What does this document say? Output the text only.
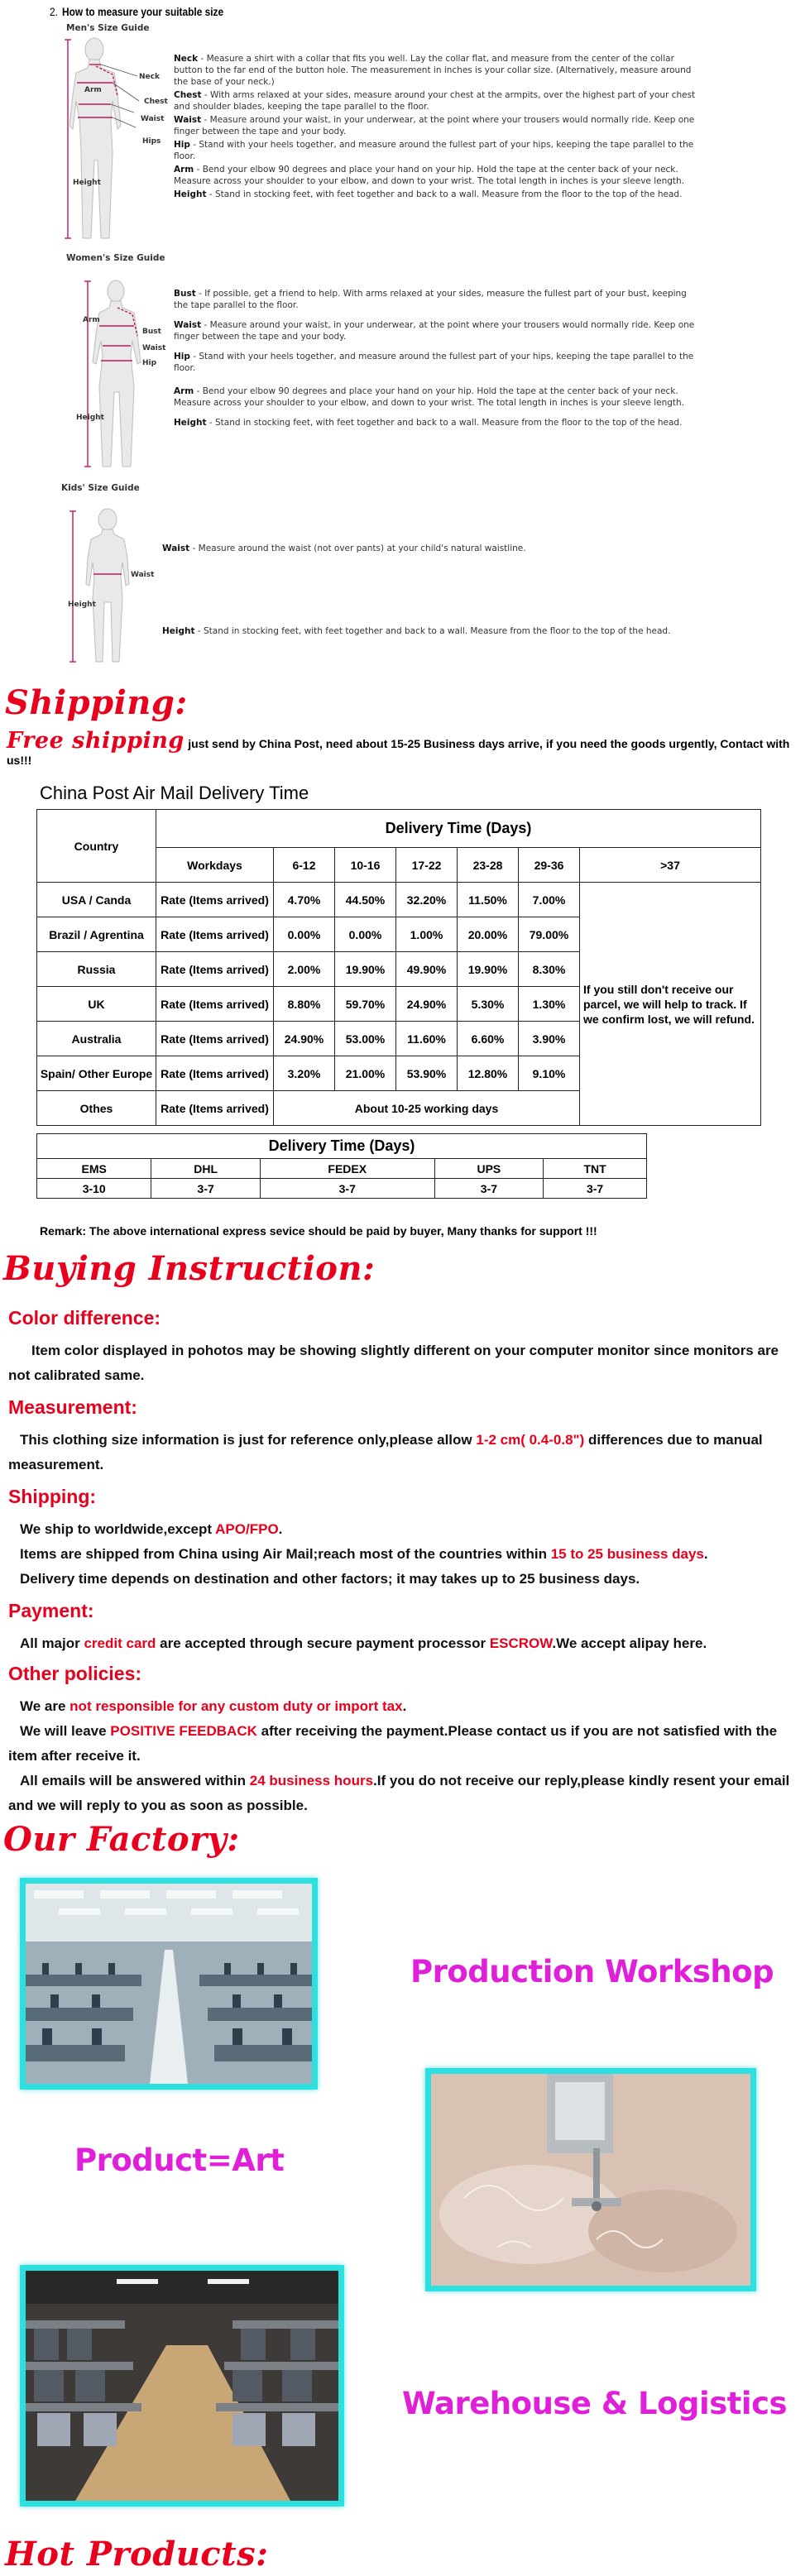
2. How to measure your suitable size
Men's Size Guide
Neck
Arm
Chest
Waist
Hips
Height

Neck - Measure a shirt with a collar that fits you well. Lay the collar flat, and measure from the center of the collar button to the far end of the button hole. The measurement in inches is your collar size. (Alternatively, measure around the base of your neck.)

Chest - With arms relaxed at your sides, measure around your chest at the armpits, over the highest part of your chest and shoulder blades, keeping the tape parallel to the floor.

Waist - Measure around your waist, in your underwear, at the point where your trousers would normally ride. Keep one finger between the tape and your body.

Hip - Stand with your heels together, and measure around the fullest part of your hips, keeping the tape parallel to the floor.

Arm - Bend your elbow 90 degrees and place your hand on your hip. Hold the tape at the center back of your neck. Measure across your shoulder to your elbow, and down to your wrist. The total length in inches is your sleeve length.

Height - Stand in stocking feet, with feet together and back to a wall. Measure from the floor to the top of the head.

Women's Size Guide
Arm
Bust
Waist
Hip
Height

Bust - If possible, get a friend to help. With arms relaxed at your sides, measure the fullest part of your bust, keeping the tape parallel to the floor.

Waist - Measure around your waist, in your underwear, at the point where your trousers would normally ride. Keep one finger between the tape and your body.

Hip - Stand with your heels together, and measure around the fullest part of your hips, keeping the tape parallel to the floor.

Arm - Bend your elbow 90 degrees and place your hand on your hip. Hold the tape at the center back of your neck. Measure across your shoulder to your elbow, and down to your wrist. The total length in inches is your sleeve length.

Height - Stand in stocking feet, with feet together and back to a wall. Measure from the floor to the top of the head.

Kids' Size Guide
Waist
Height
Waist - Measure around the waist (not over pants) at your child's natural waistline.
Height - Stand in stocking feet, with feet together and back to a wall. Measure from the floor to the top of the head.
Shipping:
Free shipping just send by China Post, need about 15-25 Business days arrive, if you need the goods urgently, Contact with us!!!
China Post Air Mail Delivery Time
Country	Delivery Time (Days)						
	Workdays	6-12	10-16	17-22	23-28	29-36	>37
USA / Canda	Rate (Items arrived)	4.70%	44.50%	32.20%	11.50%	7.00%	If you still don't receive our parcel, we will help to track. If we confirm lost, we will refund.
Brazil / Agrentina	Rate (Items arrived)	0.00%	0.00%	1.00%	20.00%	79.00%	
Russia	Rate (Items arrived)	2.00%	19.90%	49.90%	19.90%	8.30%	
UK	Rate (Items arrived)	8.80%	59.70%	24.90%	5.30%	1.30%	
Australia	Rate (Items arrived)	24.90%	53.00%	11.60%	6.60%	3.90%	
Spain/ Other Europe	Rate (Items arrived)	3.20%	21.00%	53.90%	12.80%	9.10%	
Othes	Rate (Items arrived)	About 10-25 working days					
Delivery Time (Days)				
EMS	DHL	FEDEX	UPS	TNT
3-10	3-7	3-7	3-7	3-7
Remark: The above international express sevice should be paid by buyer, Many thanks for support !!!
Buying Instruction:
Color difference:
Item color displayed in pohotos may be showing slightly different on your computer monitor since monitors are not calibrated same.
Measurement:
This clothing size information is just for reference only,please allow 1-2 cm( 0.4-0.8") differences due to manual measurement.
Shipping:

We ship to worldwide,except APO/FPO.

Items are shipped from China using Air Mail;reach most of the countries within 15 to 25 business days.

Delivery time depends on destination and other factors; it may takes up to 25 business days.

Payment:
All major credit card are accepted through secure payment processor ESCROW.We accept alipay here.
Other policies:

We are not responsible for any custom duty or import tax.

We will leave POSITIVE FEEDBACK after receiving the payment.Please contact us if you are not satisfied with the item after receive it.

All emails will be answered within 24 business hours.If you do not receive our reply,please kindly resent your email and we will reply to you as soon as possible.

Our Factory:
Production Workshop
Product=Art
Warehouse & Logistics
Hot Products:
